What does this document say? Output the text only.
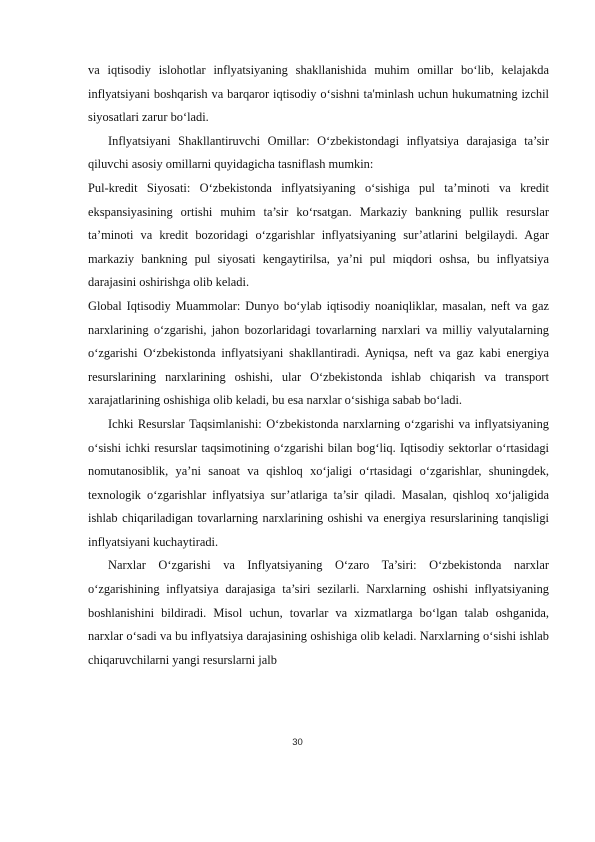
va iqtisodiy islohotlar inflyatsiyaning shakllanishida muhim omillar bo‘lib, kelajakda inflyatsiyani boshqarish va barqaror iqtisodiy o‘sishni ta'minlash uchun hukumatning izchil siyosatlari zarur bo‘ladi.

Inflyatsiyani Shakllantiruvchi Omillar: O‘zbekistondagi inflyatsiya darajasiga ta’sir qiluvchi asosiy omillarni quyidagicha tasniflash mumkin:

Pul-kredit Siyosati: O‘zbekistonda inflyatsiyaning o‘sishiga pul ta’minoti va kredit ekspansiyasining ortishi muhim ta’sir ko‘rsatgan. Markaziy bankning pullik resurslar ta’minoti va kredit bozoridagi o‘zgarishlar inflyatsiyaning sur’atlarini belgilaydi. Agar markaziy bankning pul siyosati kengaytirilsa, ya’ni pul miqdori oshsa, bu inflyatsiya darajasini oshirishga olib keladi.

Global Iqtisodiy Muammolar: Dunyo bo‘ylab iqtisodiy noaniqliklar, masalan, neft va gaz narxlarining o‘zgarishi, jahon bozorlaridagi tovarlarning narxlari va milliy valyutalarning o‘zgarishi O‘zbekistonda inflyatsiyani shakllantiradi. Ayniqsa, neft va gaz kabi energiya resurslarining narxlarining oshishi, ular O‘zbekistonda ishlab chiqarish va transport xarajatlarining oshishiga olib keladi, bu esa narxlar o‘sishiga sabab bo‘ladi.

Ichki Resurslar Taqsimlanishi: O‘zbekistonda narxlarning o‘zgarishi va inflyatsiyaning o‘sishi ichki resurslar taqsimotining o‘zgarishi bilan bog‘liq. Iqtisodiy sektorlar o‘rtasidagi nomutanosiblik, ya’ni sanoat va qishloq xo‘jaligi o‘rtasidagi o‘zgarishlar, shuningdek, texnologik o‘zgarishlar inflyatsiya sur’atlariga ta’sir qiladi. Masalan, qishloq xo‘jaligida ishlab chiqariladigan tovarlarning narxlarining oshishi va energiya resurslarining tanqisligi inflyatsiyani kuchaytiradi.

Narxlar O‘zgarishi va Inflyatsiyaning O‘zaro Ta’siri: O‘zbekistonda narxlar o‘zgarishining inflyatsiya darajasiga ta’siri sezilarli. Narxlarning oshishi inflyatsiyaning boshlanishini bildiradi. Misol uchun, tovarlar va xizmatlarga bo‘lgan talab oshganida, narxlar o‘sadi va bu inflyatsiya darajasining oshishiga olib keladi. Narxlarning o‘sishi ishlab chiqaruvchilarni yangi resurslarni jalb

30
